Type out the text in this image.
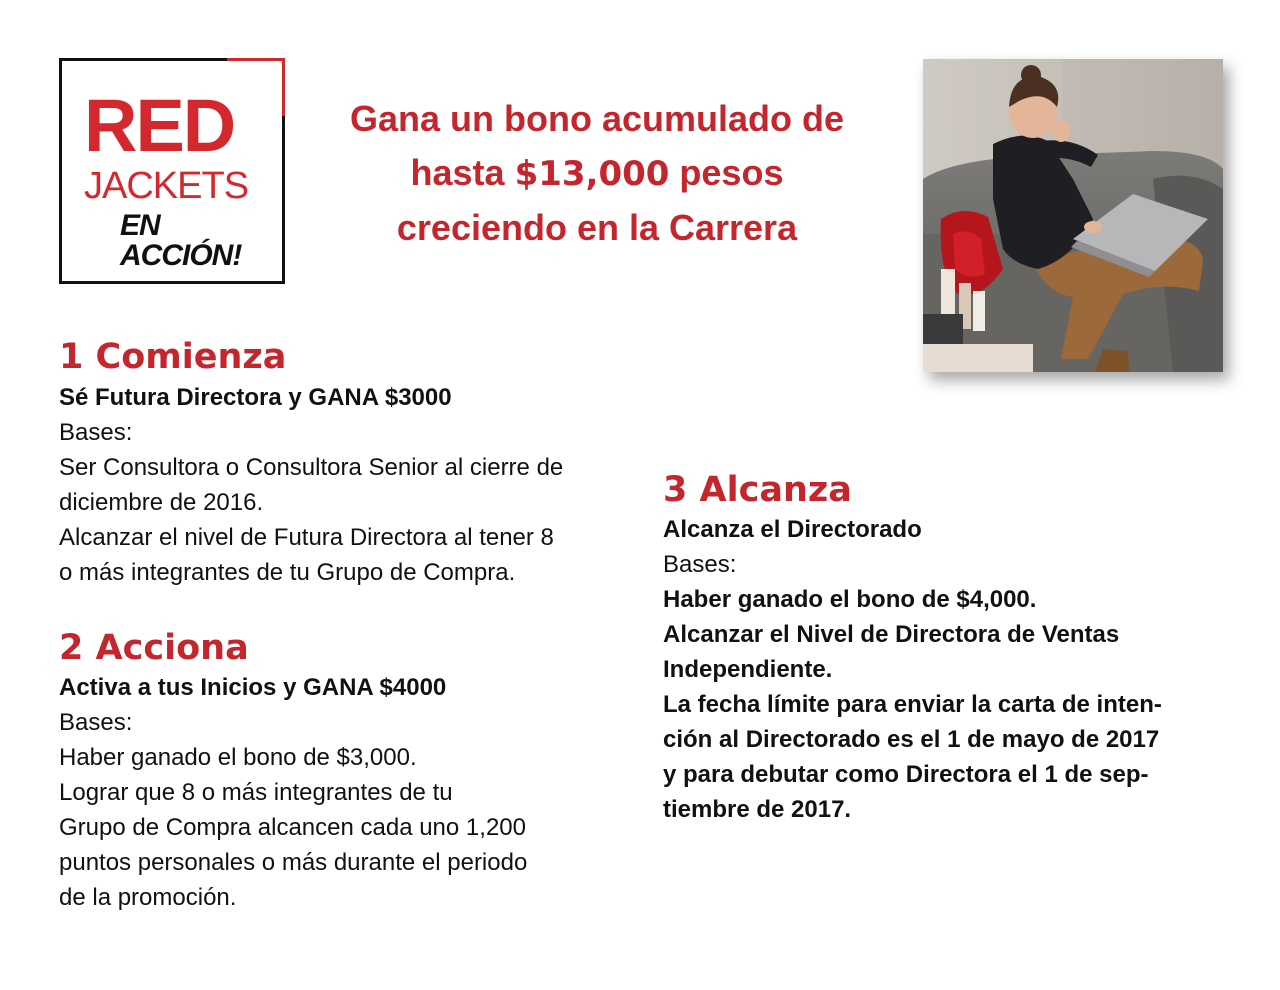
RED
JACKETS
EN ACCIÓN!
Gana un bono acumulado de
hasta $13,000 pesos
creciendo en la Carrera
1 Comienza
Sé Futura Directora y GANA $3000
Bases:
Ser Consultora o Consultora Senior al cierre de
diciembre de 2016.
Alcanzar el nivel de Futura Directora al tener 8
o más integrantes de tu Grupo de Compra.
2 Acciona
Activa a tus Inicios y GANA $4000
Bases:
Haber ganado el bono de $3,000.
Lograr que 8 o más integrantes de tu
Grupo de Compra alcancen cada uno 1,200
puntos personales o más durante el periodo
de la promoción.
3 Alcanza
Alcanza el Directorado
Bases:
Haber ganado el bono de $4,000.
Alcanzar el Nivel de Directora de Ventas
Independiente.
La fecha límite para enviar la carta de inten-
ción al Directorado es el 1 de mayo de 2017
y para debutar como Directora el 1 de sep-
tiembre de 2017.
